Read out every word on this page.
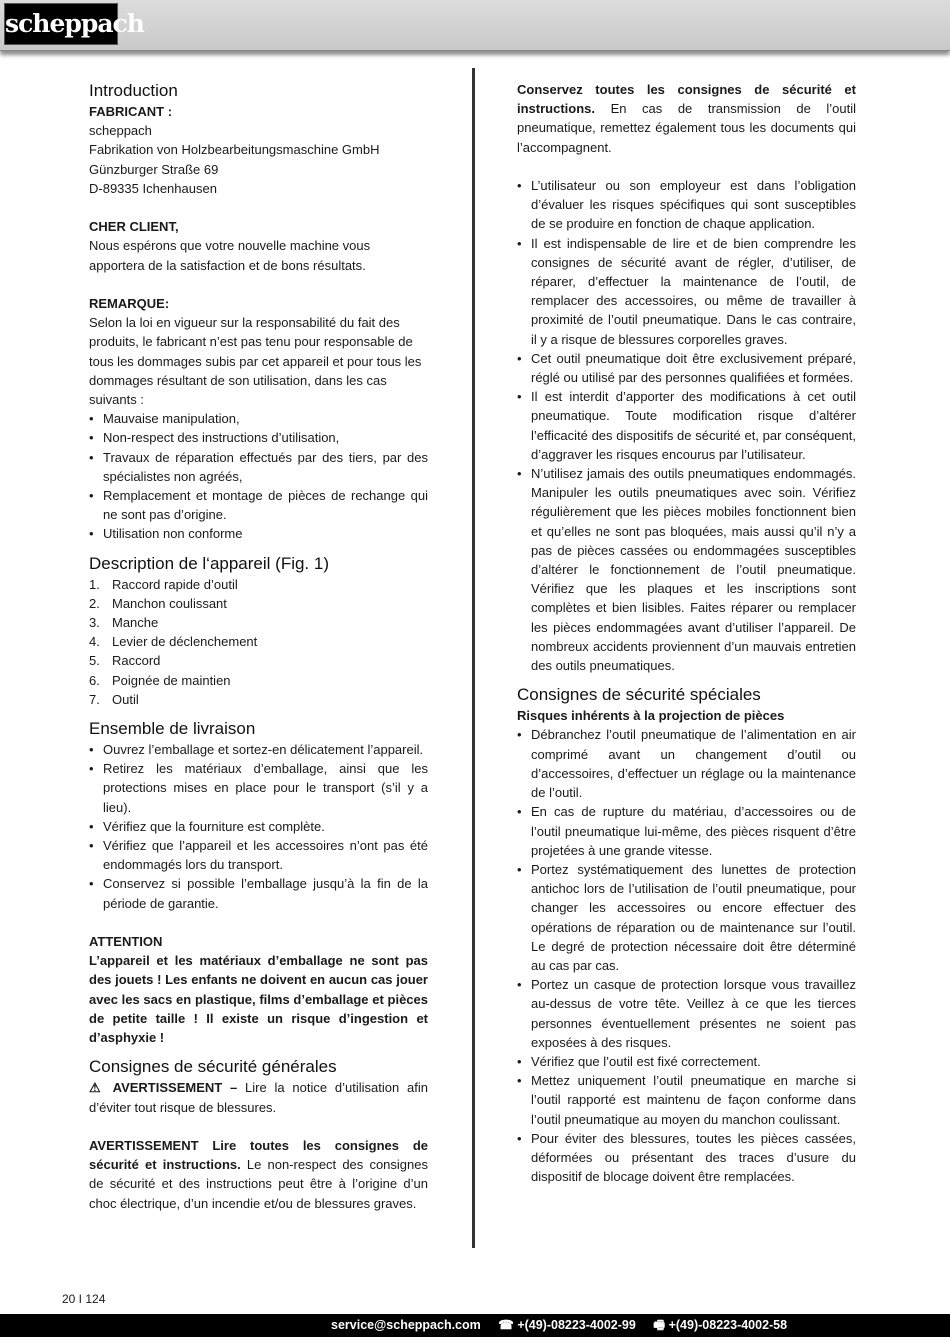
scheppach
Introduction

FABRICANT :

scheppach

Fabrikation von Holzbearbeitungsmaschine GmbH

Günzburger Straße 69

D-89335 Ichenhausen

CHER CLIENT,

Nous espérons que votre nouvelle machine vous apportera de la satisfaction et de bons résultats.

REMARQUE:

Selon la loi en vigueur sur la responsabilité du fait des produits, le fabricant n’est pas tenu pour responsable de tous les dommages subis par cet appareil et pour tous les dommages résultant de son utilisation, dans les cas suivants :

• Mauvaise manipulation,
• Non-respect des instructions d’utilisation,
• Travaux de réparation effectués par des tiers, par des spécialistes non agréés,
• Remplacement et montage de pièces de rechange qui ne sont pas d’origine.
• Utilisation non conforme
Description de l‘appareil (Fig. 1)
1. Raccord rapide d’outil
2. Manchon coulissant
3. Manche
4. Levier de déclenchement
5. Raccord
6. Poignée de maintien
7. Outil
Ensemble de livraison
• Ouvrez l’emballage et sortez-en délicatement l’appareil.
• Retirez les matériaux d’emballage, ainsi que les protections mises en place pour le transport (s’il y a lieu).
• Vérifiez que la fourniture est complète.
• Vérifiez que l’appareil et les accessoires n’ont pas été endommagés lors du transport.
• Conservez si possible l’emballage jusqu’à la fin de la période de garantie.

ATTENTION

L’appareil et les matériaux d’emballage ne sont pas des jouets ! Les enfants ne doivent en aucun cas jouer avec les sacs en plastique, films d’emballage et pièces de petite taille ! Il existe un risque d’ingestion et d’asphyxie !

Consignes de sécurité générales

⚠ AVERTISSEMENT – Lire la notice d’utilisation afin d’éviter tout risque de blessures.

AVERTISSEMENT Lire toutes les consignes de sécurité et instructions. Le non-respect des consignes de sécurité et des instructions peut être à l’origine d’un choc électrique, d’un incendie et/ou de blessures graves.

Conservez toutes les consignes de sécurité et instructions. En cas de transmission de l’outil pneumatique, remettez également tous les documents qui l’accompagnent.

• L’utilisateur ou son employeur est dans l’obligation d’évaluer les risques spécifiques qui sont susceptibles de se produire en fonction de chaque application.
• Il est indispensable de lire et de bien comprendre les consignes de sécurité avant de régler, d’utiliser, de réparer, d’effectuer la maintenance de l’outil, de remplacer des accessoires, ou même de travailler à proximité de l’outil pneumatique. Dans le cas contraire, il y a risque de blessures corporelles graves.
• Cet outil pneumatique doit être exclusivement préparé, réglé ou utilisé par des personnes qualifiées et formées.
• Il est interdit d’apporter des modifications à cet outil pneumatique. Toute modification risque d’altérer l’efficacité des dispositifs de sécurité et, par conséquent, d’aggraver les risques encourus par l’utilisateur.
• N’utilisez jamais des outils pneumatiques endommagés. Manipuler les outils pneumatiques avec soin. Vérifiez régulièrement que les pièces mobiles fonctionnent bien et qu’elles ne sont pas bloquées, mais aussi qu’il n’y a pas de pièces cassées ou endommagées susceptibles d’altérer le fonctionnement de l’outil pneumatique. Vérifiez que les plaques et les inscriptions sont complètes et bien lisibles. Faites réparer ou remplacer les pièces endommagées avant d’utiliser l’appareil. De nombreux accidents proviennent d’un mauvais entretien des outils pneumatiques.
Consignes de sécurité spéciales

Risques inhérents à la projection de pièces

• Débranchez l’outil pneumatique de l’alimentation en air comprimé avant un changement d’outil ou d’accessoires, d’effectuer un réglage ou la maintenance de l’outil.
• En cas de rupture du matériau, d’accessoires ou de l’outil pneumatique lui-même, des pièces risquent d’être projetées à une grande vitesse.
• Portez systématiquement des lunettes de protection antichoc lors de l’utilisation de l’outil pneumatique, pour changer les accessoires ou encore effectuer des opérations de réparation ou de maintenance sur l’outil. Le degré de protection nécessaire doit être déterminé au cas par cas.
• Portez un casque de protection lorsque vous travaillez au-dessus de votre tête. Veillez à ce que les tierces personnes éventuellement présentes ne soient pas exposées à des risques.
• Vérifiez que l’outil est fixé correctement.
• Mettez uniquement l’outil pneumatique en marche si l’outil rapporté est maintenu de façon conforme dans l’outil pneumatique au moyen du manchon coulissant.
• Pour éviter des blessures, toutes les pièces cassées, déformées ou présentant des traces d’usure du dispositif de blocage doivent être remplacées.
20 I 124
service@scheppach.com ☎ +(49)-08223-4002-99 🖷 +(49)-08223-4002-58
